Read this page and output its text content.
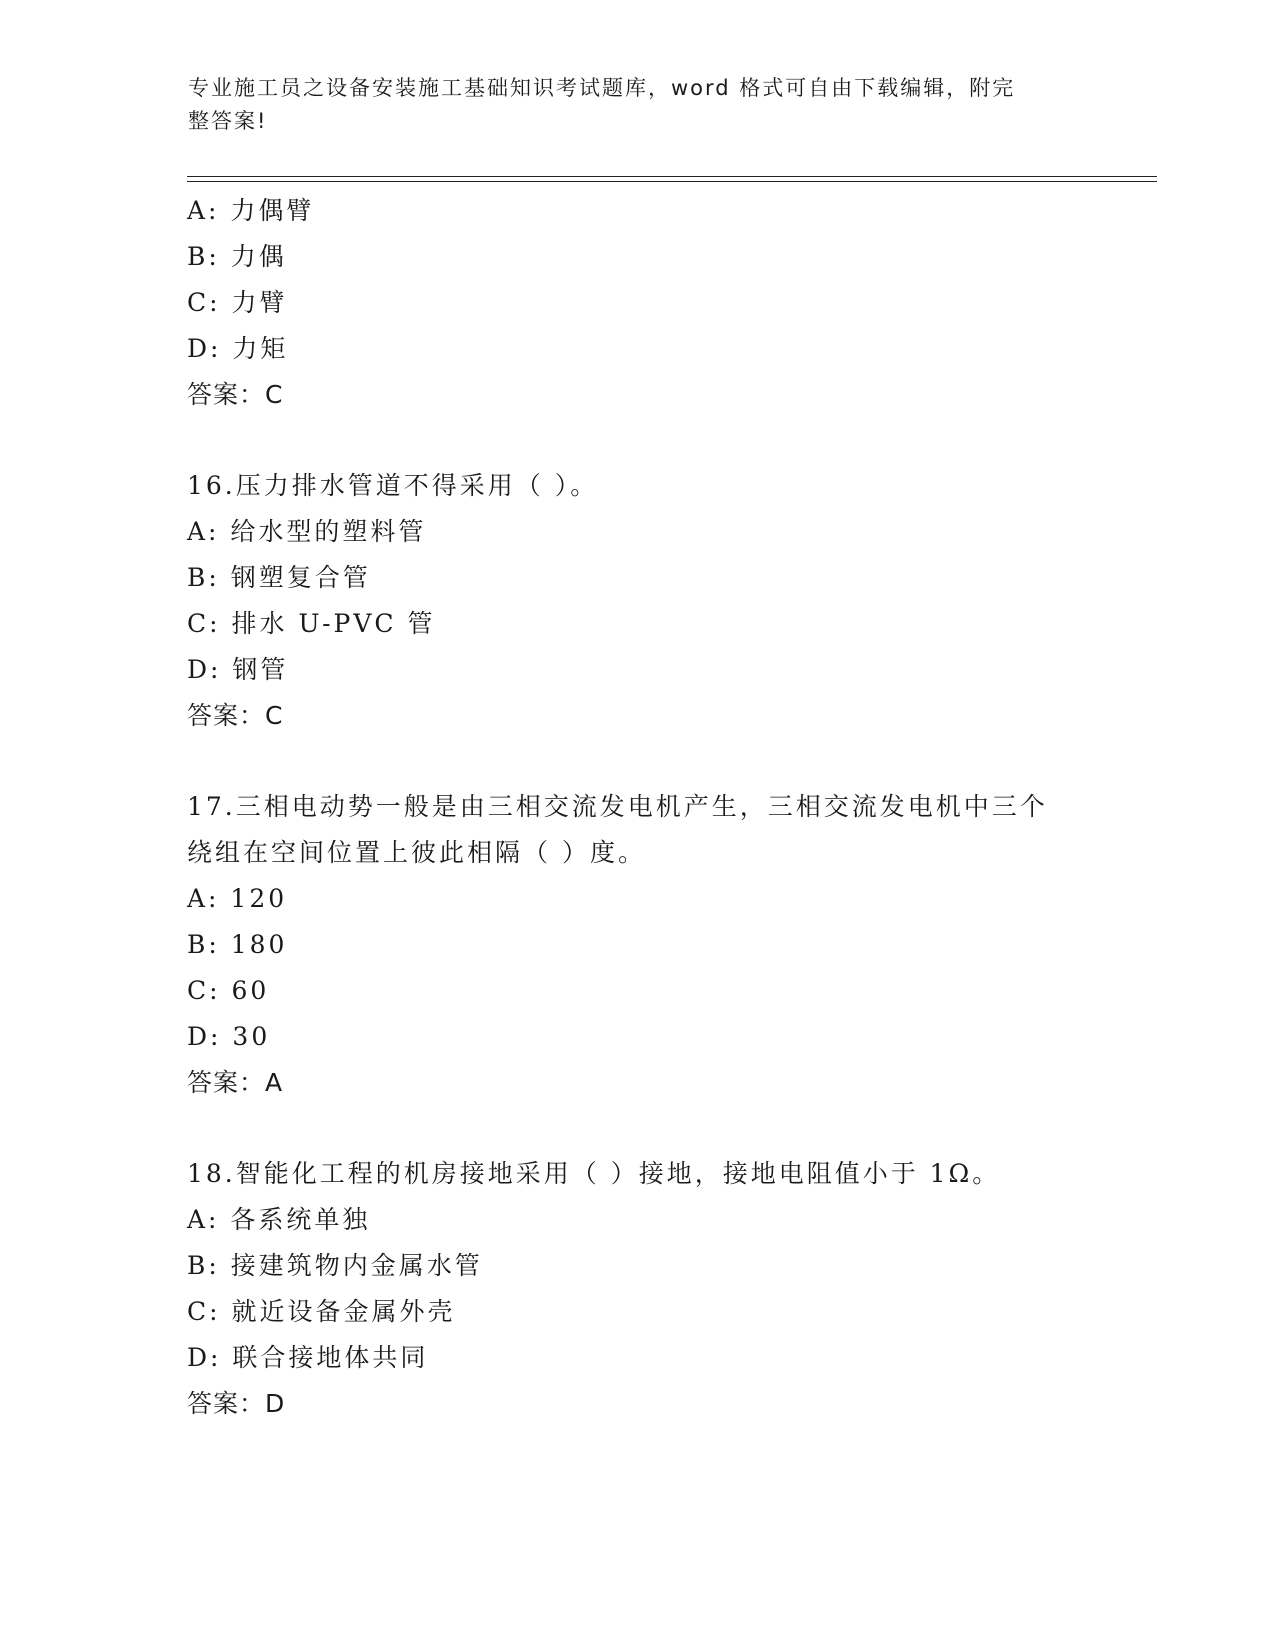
专业施工员之设备安装施工基础知识考试题库，word 格式可自由下载编辑，附完
整答案!
A: 力偶臂
B: 力偶
C: 力臂
D: 力矩
答案：C
16.压力排水管道不得采用（ ）。
A: 给水型的塑料管
B: 钢塑复合管
C: 排水 U-PVC 管
D: 钢管
答案：C
17.三相电动势一般是由三相交流发电机产生，三相交流发电机中三个
绕组在空间位置上彼此相隔（ ）度。
A: 120
B: 180
C: 60
D: 30
答案：A
18.智能化工程的机房接地采用（ ）接地，接地电阻值小于 1Ω。
A: 各系统单独
B: 接建筑物内金属水管
C: 就近设备金属外壳
D: 联合接地体共同
答案：D
